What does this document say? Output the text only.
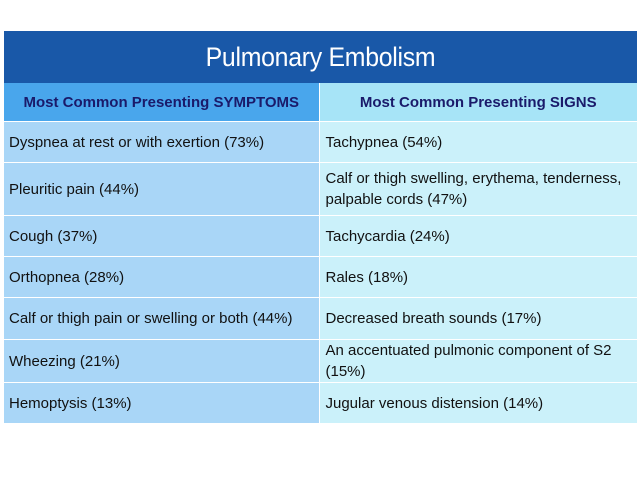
Pulmonary Embolism
Most Common Presenting SYMPTOMS	Most Common Presenting SIGNS
Dyspnea at rest or with exertion (73%)	Tachypnea (54%)
Pleuritic pain (44%)	Calf or thigh swelling, erythema, tenderness, palpable cords (47%)
Cough (37%)	Tachycardia (24%)
Orthopnea (28%)	Rales (18%)
Calf or thigh pain or swelling or both (44%)	Decreased breath sounds (17%)
Wheezing (21%)	An accentuated pulmonic component of S2 (15%)
Hemoptysis (13%)	Jugular venous distension (14%)
